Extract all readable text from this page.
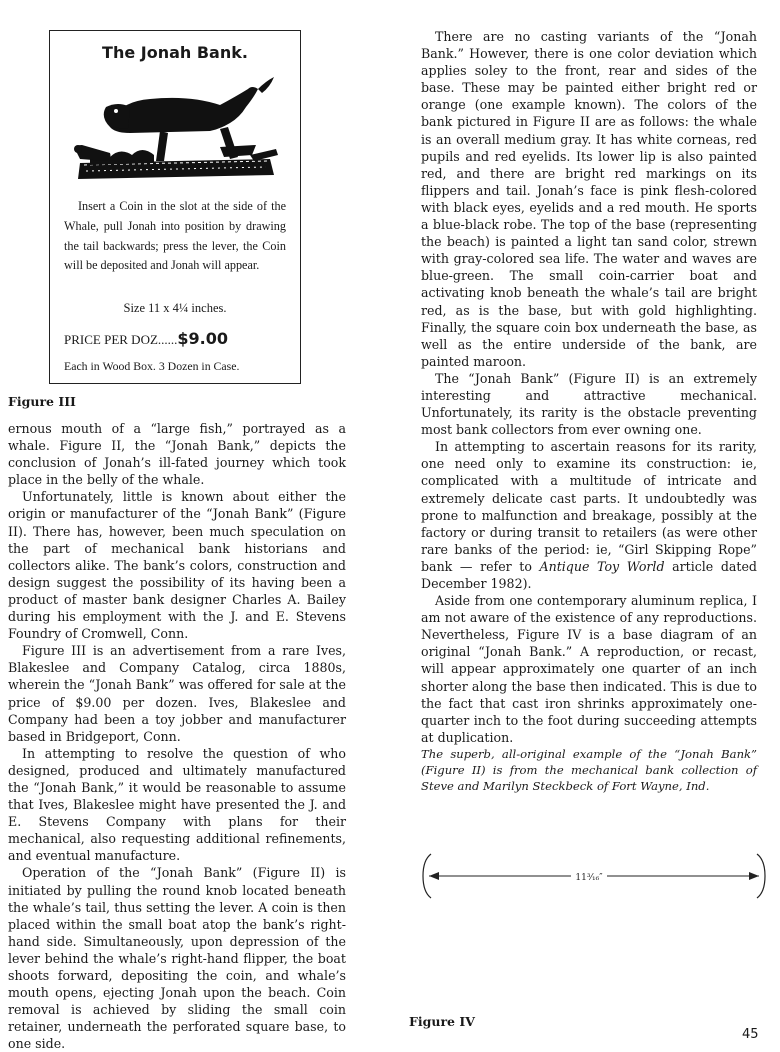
The Jonah Bank.
Insert a Coin in the slot at the side of the Whale, pull Jonah into position by drawing the tail backwards; press the lever, the Coin will be deposited and Jonah will appear.
Size 11 x 4¼ inches.
PRICE PER DOZ......$9.00
Each in Wood Box. 3 Dozen in Case.
Figure III

ernous mouth of a “large fish,” portrayed as a whale. Figure II, the “Jonah Bank,” depicts the conclusion of Jonah’s ill-fated journey which took place in the belly of the whale.

Unfortunately, little is known about either the origin or manufacturer of the “Jonah Bank” (Figure II). There has, however, been much speculation on the part of mechanical bank historians and collectors alike. The bank’s colors, construction and design suggest the possibility of its having been a product of master bank designer Charles A. Bailey during his employment with the J. and E. Stevens Foundry of Cromwell, Conn.

Figure III is an advertisement from a rare Ives, Blakeslee and Company Catalog, circa 1880s, wherein the “Jonah Bank” was offered for sale at the price of $9.00 per dozen. Ives, Blakeslee and Company had been a toy jobber and manufacturer based in Bridgeport, Conn.

In attempting to resolve the question of who designed, produced and ultimately manufactured the “Jonah Bank,” it would be reasonable to assume that Ives, Blakeslee might have presented the J. and E. Stevens Company with plans for their mechanical, also requesting additional refinements, and eventual manufacture.

Operation of the “Jonah Bank” (Figure II) is initiated by pulling the round knob located beneath the whale’s tail, thus setting the lever. A coin is then placed within the small boat atop the bank’s right-hand side. Simultaneously, upon depression of the lever behind the whale’s right-hand flipper, the boat shoots forward, depositing the coin, and whale’s mouth opens, ejecting Jonah upon the beach. Coin removal is achieved by sliding the small coin retainer, underneath the perforated square base, to one side.

There are no casting variants of the “Jonah Bank.” However, there is one color deviation which applies soley to the front, rear and sides of the base. These may be painted either bright red or orange (one example known). The colors of the bank pictured in Figure II are as follows: the whale is an overall medium gray. It has white corneas, red pupils and red eyelids. Its lower lip is also painted red, and there are bright red markings on its flippers and tail. Jonah’s face is pink flesh-colored with black eyes, eyelids and a red mouth. He sports a blue-black robe. The top of the base (representing the beach) is painted a light tan sand color, strewn with gray-colored sea life. The water and waves are blue-green. The small coin-carrier boat and activating knob beneath the whale’s tail are bright red, as is the base, but with gold highlighting. Finally, the square coin box underneath the base, as well as the entire underside of the bank, are painted maroon.

The “Jonah Bank” (Figure II) is an extremely interesting and attractive mechanical. Unfortunately, its rarity is the obstacle preventing most bank collectors from ever owning one.

In attempting to ascertain reasons for its rarity, one need only to examine its construction: ie, complicated with a multitude of intricate and extremely delicate cast parts. It undoubtedly was prone to malfunction and breakage, possibly at the factory or during transit to retailers (as were other rare banks of the period: ie, “Girl Skipping Rope” bank — refer to Antique Toy World article dated December 1982).

Aside from one contemporary aluminum replica, I am not aware of the existence of any reproductions. Nevertheless, Figure IV is a base diagram of an original “Jonah Bank.” A reproduction, or recast, will appear approximately one quarter of an inch shorter along the base then indicated. This is due to the fact that cast iron shrinks approximately one-quarter inch to the foot during succeeding attempts at duplication.

The superb, all-original example of the “Jonah Bank” (Figure II) is from the mechanical bank collection of Steve and Marilyn Steckbeck of Fort Wayne, Ind.

11³⁄₁₆″
Figure IV
45
